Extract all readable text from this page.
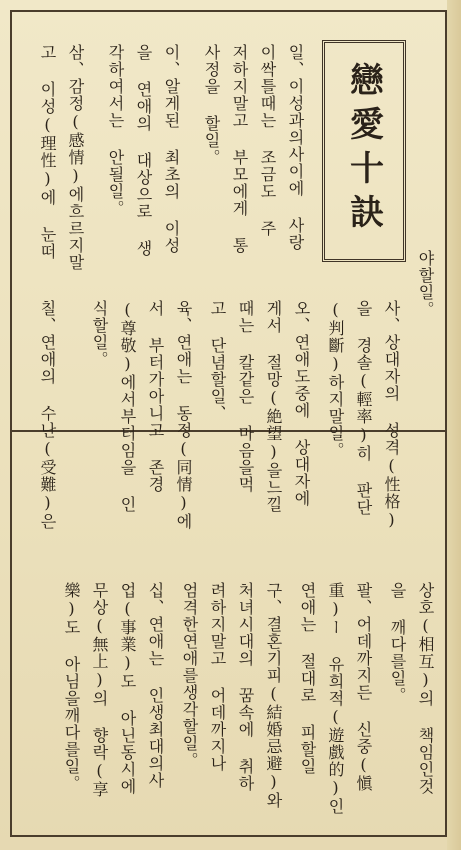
戀愛十訣
일、이성과의사이에 사랑
이싹틀때는 조금도 주
저하지말고 부모에게 통
사정을 할일。
이、알게된 최초의 이성
을 연애의 대상으로 생
각하여서는 안될일。
삼、감정(感情)에흐르지말
고 이성(理性)에 눈떠
야할일。
사、상대자의 성격(性格)
을 경솔(輕率)히 판단
(判斷)하지말일。
오、연애도중에 상대자에
게서 절망(絶望)을느낄
때는 칼같은 마음을먹
고 단념할일、
육、연애는 동정(同情)에
서 부터가아니고 존경
(尊敬)에서부터임을 인
식할일。
칠、연애의 수난(受難)은
상호(相互)의 책임인것
을 깨다를일。
팔、어데까지든 신중(愼
重)ー 유희적(遊戲的)인
연애는 절대로 피할일
구、결혼기피(結婚忌避)와
처녀시대의 꿈속에 취하
려하지말고 어데까지나
엄격한연애를생각할일。
십、연애는 인생최대의사
업(事業)도 아닌동시에
무상(無上)의 향락(享
樂)도 아님을깨다를일。
